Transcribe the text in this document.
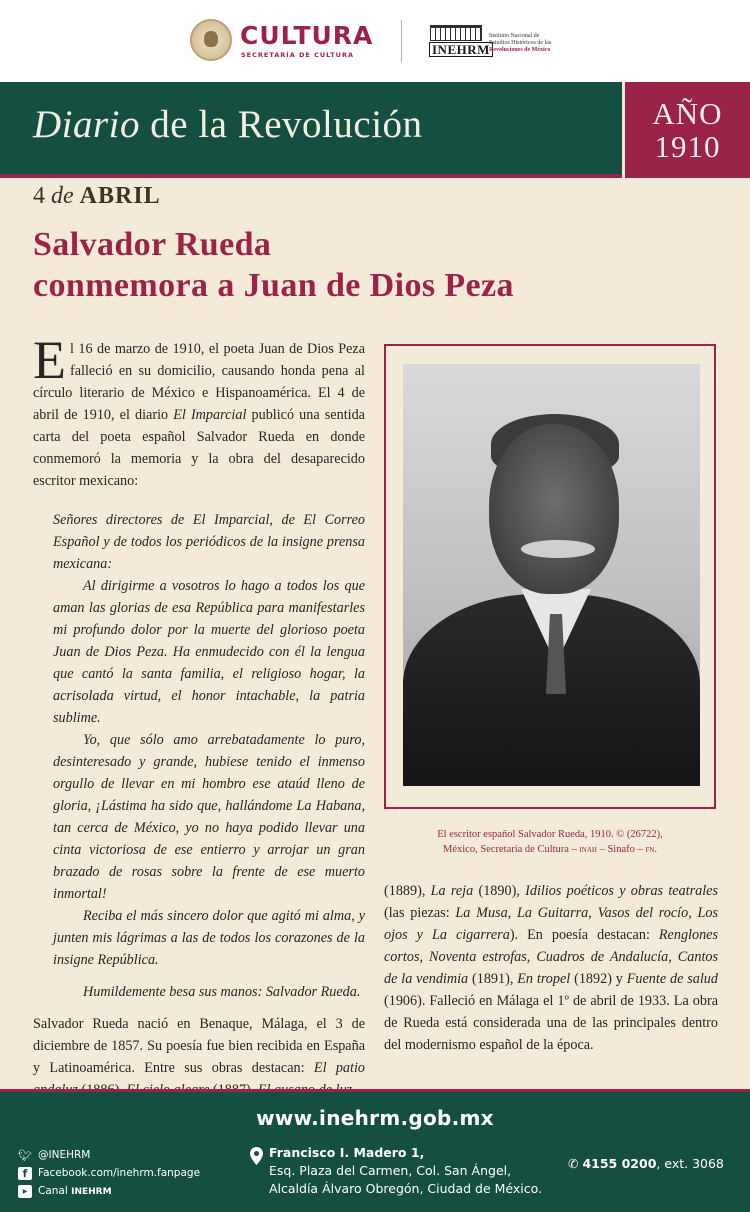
CULTURA
SECRETARÍA DE CULTURA	INEHRM
Instituto Nacional de
Estudios Históricos de las
Revoluciones de México
Diario de la Revolución	AÑO
1910
4 de ABRIL
Salvador Rueda
conmemora a Juan de Dios Peza

El 16 de marzo de 1910, el poeta Juan de Dios Peza falleció en su domicilio, causando honda pena al círculo literario de México e Hispanoamérica. El 4 de abril de 1910, el diario El Imparcial publicó una sentida carta del poeta español Salvador Rueda en donde conmemoró la memoria y la obra del desaparecido escritor mexicano:

Señores directores de El Imparcial, de El Correo Español y de todos los periódicos de la insigne prensa mexicana:

Al dirigirme a vosotros lo hago a todos los que aman las glorias de esa República para manifestarles mi profundo dolor por la muerte del glorioso poeta Juan de Dios Peza. Ha enmudecido con él la lengua que cantó la santa familia, el religioso hogar, la acrisolada virtud, el honor intachable, la patria sublime.

Yo, que sólo amo arrebatadamente lo puro, desinteresado y grande, hubiese tenido el inmenso orgullo de llevar en mi hombro ese ataúd lleno de gloria, ¡Lástima ha sido que, hallándome La Habana, tan cerca de México, yo no haya podido llevar una cinta victoriosa de ese entierro y arrojar un gran brazado de rosas sobre la frente de ese muerto inmortal!

Reciba el más sincero dolor que agitó mi alma, y junten mis lágrimas a las de todos los corazones de la insigne República.

Humildemente besa sus manos: Salvador Rueda.

Salvador Rueda nació en Benaque, Málaga, el 3 de diciembre de 1857. Su poesía fue bien recibida en España y Latinoamérica. Entre sus obras destacan: El patio

El escritor español Salvador Rueda, 1910. © (26722),
México, Secretaría de Cultura – inah – Sinafo – fn.

(1889), La reja (1890), Idilios poéticos y obras teatrales (las piezas: La Musa, La Guitarra, Vasos del rocío, Los ojos y La cigarrera). En poesía destacan: Renglones cortos, Noventa estrofas, Cuadros de Andalucía, Cantos de la vendimia (1891), En tropel (1892) y Fuente de salud (1906). Falleció en Málaga el 1º de abril de 1933. La obra de Rueda está considerada una de las principales dentro del modernismo español de la época.

www.inehrm.gob.mx
🐦︎ @INEHRM
f	Facebook.com/inehrm.fanpage
▶	Canal INEHRM
Francisco I. Madero 1,
Esq. Plaza del Carmen, Col. San Ángel,
Alcaldía Álvaro Obregón, Ciudad de México.
✆ 4155 0200, ext. 3068
